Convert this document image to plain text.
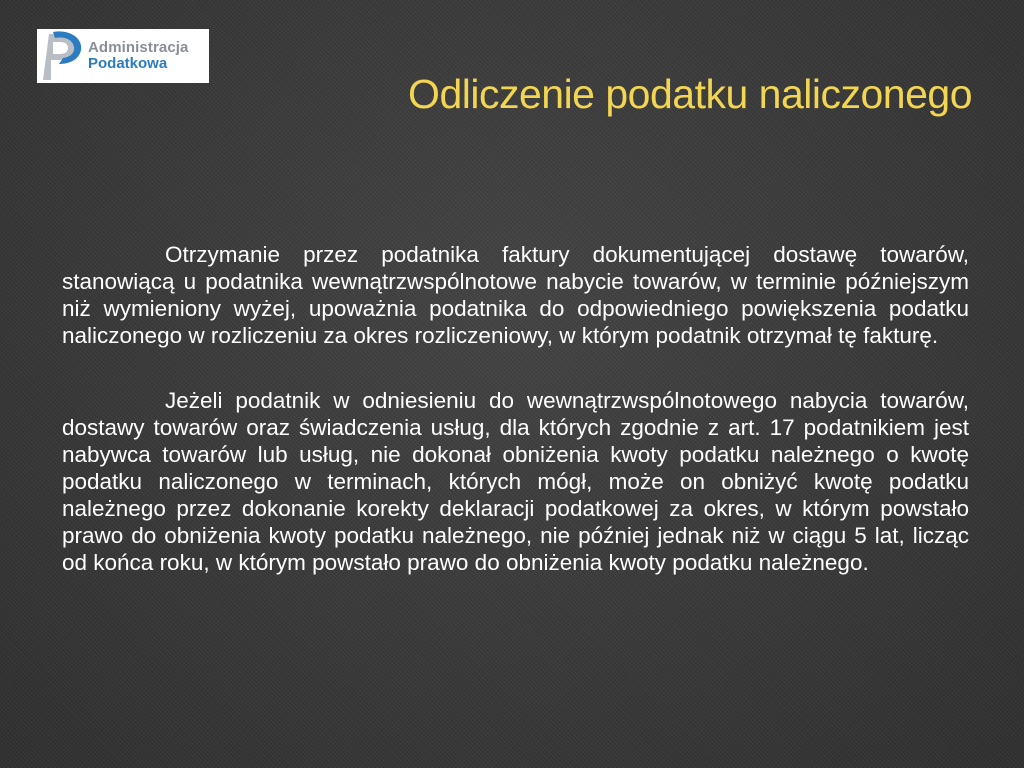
Administracja
Podatkowa
Odliczenie podatku naliczonego

Otrzymanie przez podatnika faktury dokumentującej dostawę towarów, stanowiącą u podatnika wewnątrzwspólnotowe nabycie towarów, w terminie późniejszym niż wymieniony wyżej, upoważnia podatnika do odpowiedniego powiększenia podatku naliczonego w rozliczeniu za okres rozliczeniowy, w którym podatnik otrzymał tę fakturę.

Jeżeli podatnik w odniesieniu do wewnątrzwspólnotowego nabycia towarów, dostawy towarów oraz świadczenia usług, dla których zgodnie z art. 17 podatnikiem jest nabywca towarów lub usług, nie dokonał obniżenia kwoty podatku należnego o kwotę podatku naliczonego w terminach, których mógł, może on obniżyć kwotę podatku należnego przez dokonanie korekty deklaracji podatkowej za okres, w którym powstało prawo do obniżenia kwoty podatku należnego, nie później jednak niż w ciągu 5 lat, licząc od końca roku, w którym powstało prawo do obniżenia kwoty podatku należnego.
